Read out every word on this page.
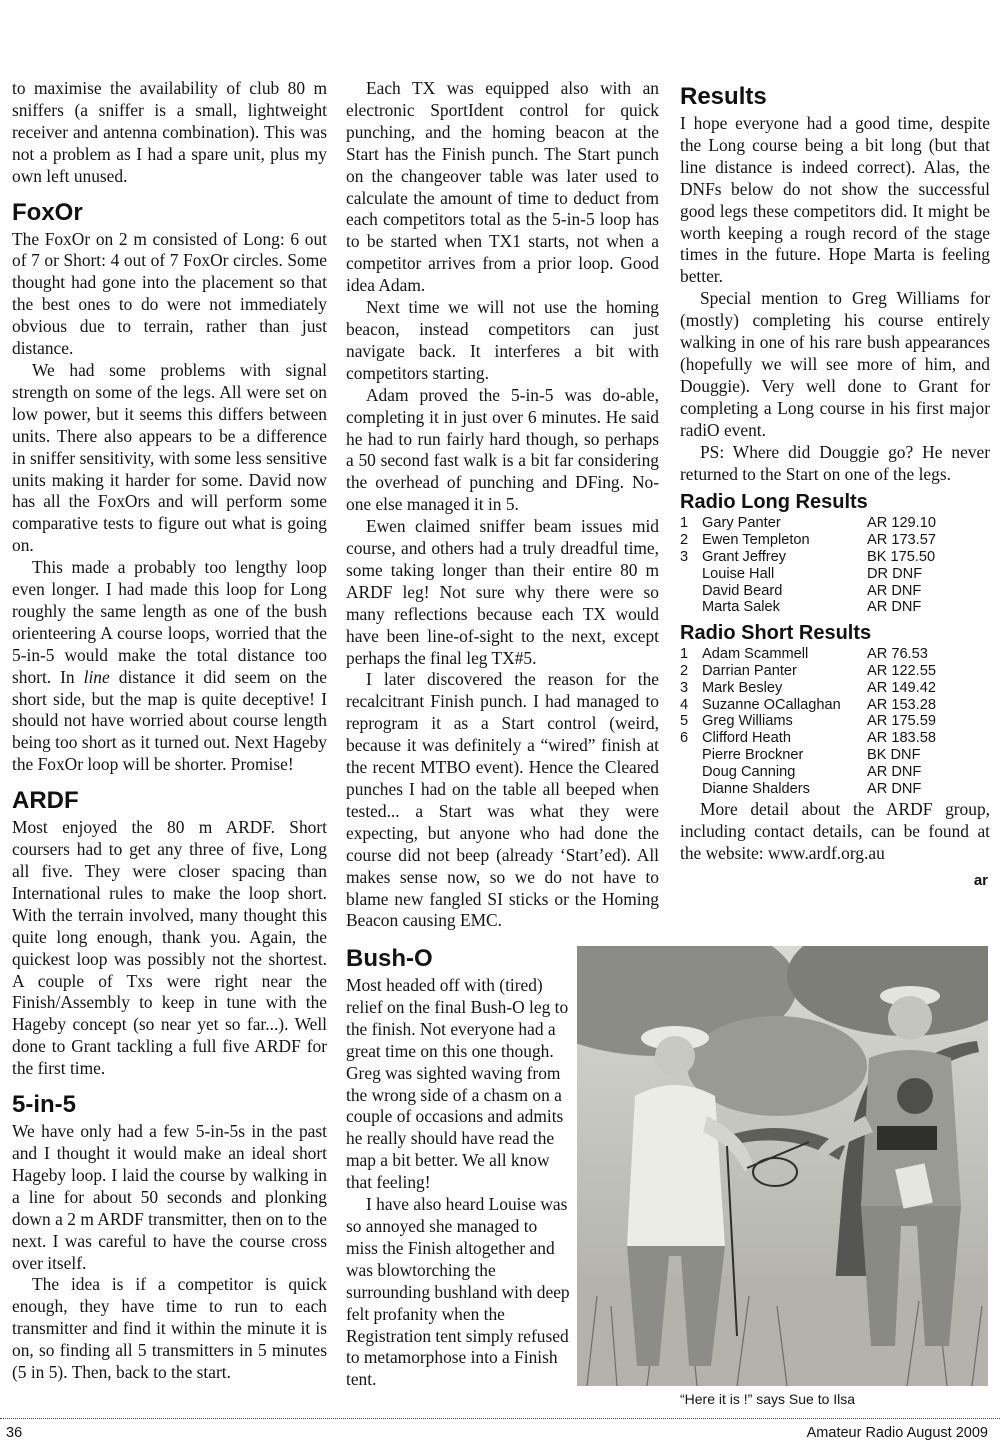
to maximise the availability of club 80 m sniffers (a sniffer is a small, lightweight receiver and antenna combination). This was not a problem as I had a spare unit, plus my own left unused.

FoxOr

The FoxOr on 2 m consisted of Long: 6 out of 7 or Short: 4 out of 7 FoxOr circles. Some thought had gone into the placement so that the best ones to do were not immediately obvious due to terrain, rather than just distance.

We had some problems with signal strength on some of the legs. All were set on low power, but it seems this differs between units. There also appears to be a difference in sniffer sensitivity, with some less sensitive units making it harder for some. David now has all the FoxOrs and will perform some comparative tests to figure out what is going on.

This made a probably too lengthy loop even longer. I had made this loop for Long roughly the same length as one of the bush orienteering A course loops, worried that the 5-in-5 would make the total distance too short. In line distance it did seem on the short side, but the map is quite deceptive! I should not have worried about course length being too short as it turned out. Next Hageby the FoxOr loop will be shorter. Promise!

ARDF

Most enjoyed the 80 m ARDF. Short coursers had to get any three of five, Long all five. They were closer spacing than International rules to make the loop short. With the terrain involved, many thought this quite long enough, thank you. Again, the quickest loop was possibly not the shortest. A couple of Txs were right near the Finish/Assembly to keep in tune with the Hageby concept (so near yet so far...). Well done to Grant tackling a full five ARDF for the first time.

5-in-5

We have only had a few 5-in-5s in the past and I thought it would make an ideal short Hageby loop. I laid the course by walking in a line for about 50 seconds and plonking down a 2 m ARDF transmitter, then on to the next. I was careful to have the course cross over itself.

The idea is if a competitor is quick enough, they have time to run to each transmitter and find it within the minute it is on, so finding all 5 transmitters in 5 minutes (5 in 5). Then, back to the start.

Each TX was equipped also with an electronic SportIdent control for quick punching, and the homing beacon at the Start has the Finish punch. The Start punch on the changeover table was later used to calculate the amount of time to deduct from each competitors total as the 5-in-5 loop has to be started when TX1 starts, not when a competitor arrives from a prior loop. Good idea Adam.

Next time we will not use the homing beacon, instead competitors can just navigate back. It interferes a bit with competitors starting.

Adam proved the 5-in-5 was do-able, completing it in just over 6 minutes. He said he had to run fairly hard though, so perhaps a 50 second fast walk is a bit far considering the overhead of punching and DFing. No-one else managed it in 5.

Ewen claimed sniffer beam issues mid course, and others had a truly dreadful time, some taking longer than their entire 80 m ARDF leg! Not sure why there were so many reflections because each TX would have been line-of-sight to the next, except perhaps the final leg TX#5.

I later discovered the reason for the recalcitrant Finish punch. I had managed to reprogram it as a Start control (weird, because it was definitely a “wired” finish at the recent MTBO event). Hence the Cleared punches I had on the table all beeped when tested... a Start was what they were expecting, but anyone who had done the course did not beep (already ‘Start’ed). All makes sense now, so we do not have to blame new fangled SI sticks or the Homing Beacon causing EMC.

Bush-O

Most headed off with (tired) relief on the final Bush-O leg to the finish. Not everyone had a great time on this one though. Greg was sighted waving from the wrong side of a chasm on a couple of occasions and admits he really should have read the map a bit better. We all know that feeling!

I have also heard Louise was so annoyed she managed to miss the Finish altogether and was blowtorching the surrounding bushland with deep felt profanity when the Registration tent simply refused to metamorphose into a Finish tent.

Results

I hope everyone had a good time, despite the Long course being a bit long (but that line distance is indeed correct). Alas, the DNFs below do not show the successful good legs these competitors did. It might be worth keeping a rough record of the stage times in the future. Hope Marta is feeling better.

Special mention to Greg Williams for (mostly) completing his course entirely walking in one of his rare bush appearances (hopefully we will see more of him, and Douggie). Very well done to Grant for completing a Long course in his first major radiO event.

PS: Where did Douggie go? He never returned to the Start on one of the legs.

Radio Long Results
1	Gary Panter	AR 129.10
2	Ewen Templeton	AR 173.57
3	Grant Jeffrey	BK 175.50
	Louise Hall	DR DNF
	David Beard	AR DNF
	Marta Salek	AR DNF
Radio Short Results
1	Adam Scammell	AR 76.53
2	Darrian Panter	AR 122.55
3	Mark Besley	AR 149.42
4	Suzanne OCallaghan	AR 153.28
5	Greg Williams	AR 175.59
6	Clifford Heath	AR 183.58
	Pierre Brockner	BK DNF
	Doug Canning	AR DNF
	Dianne Shalders	AR DNF

More detail about the ARDF group, including contact details, can be found at the website: www.ardf.org.au

ar
“Here it is !” says Sue to Ilsa
36	Amateur Radio August 2009
